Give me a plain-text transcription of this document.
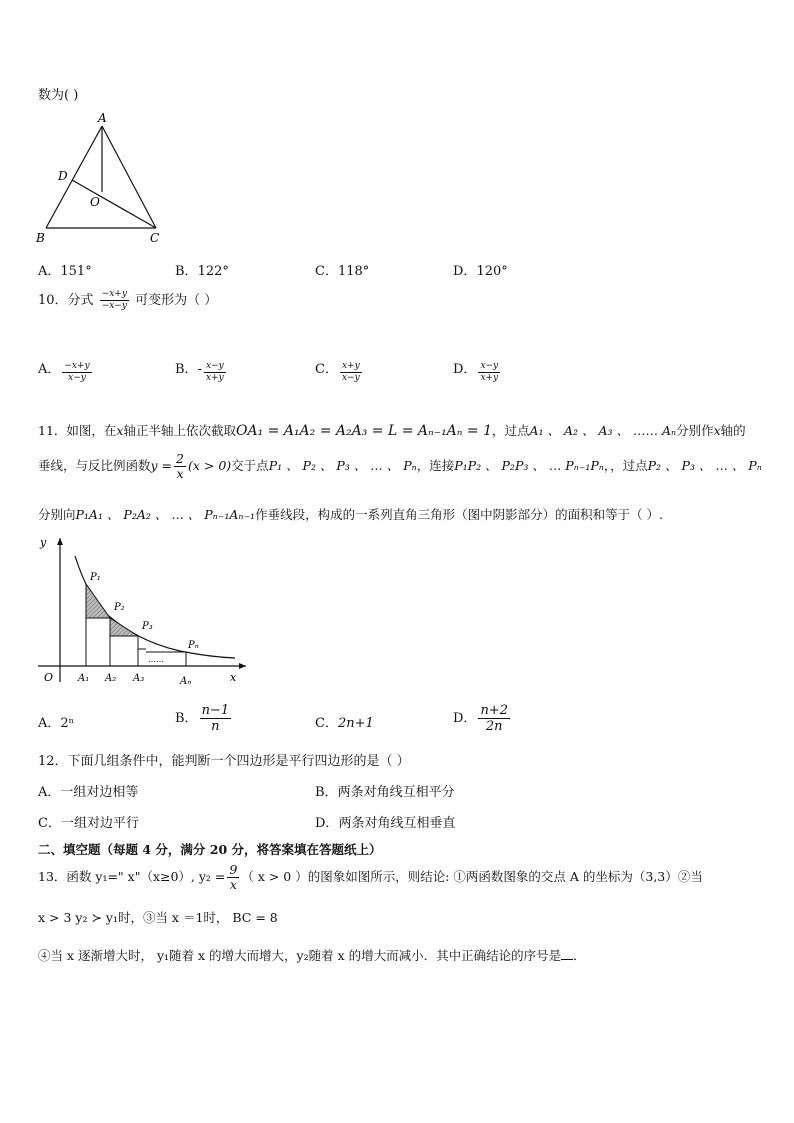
数为( )
A
B	C
D
O
A．151°	B．122°	C．118°	D．120°
10．分式 $\frac{-x+y}{-x-y}$ 可变形为（ ）
A． $\frac{-x+y}{x-y}$	B．- $\frac{x-y}{x+y}$	C． $\frac{x+y}{x-y}$	D． $\frac{x-y}{x+y}$
11．如图，在x轴正半轴上依次截取OA₁ = A₁A₂ = A₂A₃ = L = Aₙ₋₁Aₙ = 1，过点A₁ 、 A₂ 、 A₃ 、 …… Aₙ分别作x轴的
垂线，与反比例函数$y = \frac{2}{x} (x > 0)$交于点P₁ 、 P₂ 、 P₃ 、 … 、 Pₙ，连接P₁P₂ 、 P₂P₃ 、 … Pₙ₋₁Pₙ，，过点P₂ 、 P₃ 、 … 、 Pₙ
分别向P₁A₁ 、 P₂A₂ 、 … 、 Pₙ₋₁Aₙ₋₁作垂线段，构成的一系列直角三角形（图中阴影部分）的面积和等于（ ）.
y
x
O
P₁
P₂
P₃
Pₙ
A₁ A₂ A₃	Aₙ
……
A．2ⁿ	B． $\frac{n-1}{n}$	C．2n+1	D． $\frac{n+2}{2n}$
12．下面几组条件中，能判断一个四边形是平行四边形的是（ ）
A．一组对边相等	B．两条对角线互相平分
C．一组对边平行	D．两条对角线互相垂直
二、填空题（每题 4 分，满分 20 分，将答案填在答题纸上）
13．函数 y₁=" x"（x≥0）, $y_2 = \frac{9}{x}$ （ x > 0 ）的图象如图所示，则结论: ①两函数图象的交点 A 的坐标为（3,3）②当
x > 3 y₂ ≻ y₁时，③当 x ＝1时， BC = 8
④当 x 逐渐增大时， y₁随着 x 的增大而增大，y₂随着 x 的增大而减小．其中正确结论的序号是 ．
